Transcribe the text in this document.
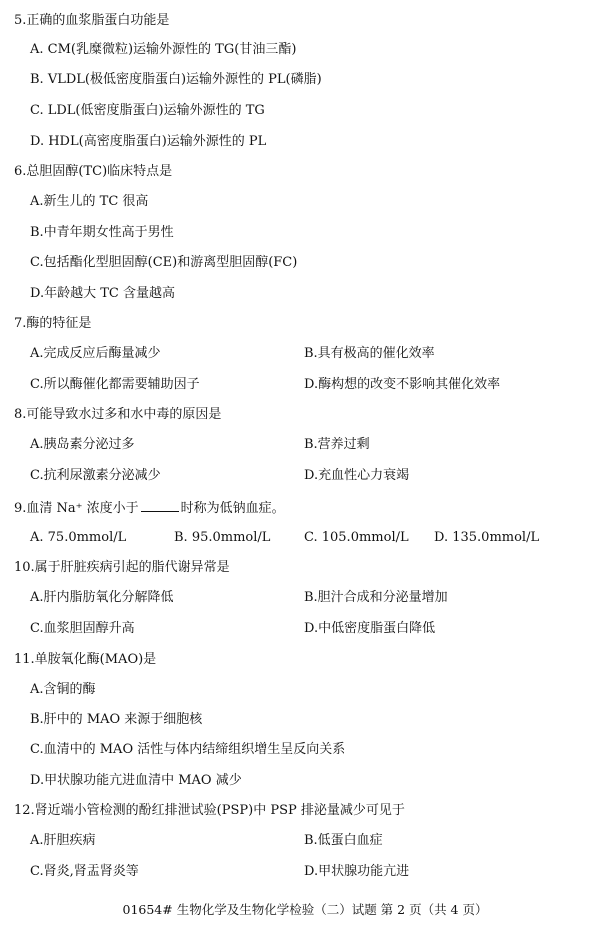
5.正确的血浆脂蛋白功能是
A. CM(乳糜微粒)运输外源性的 TG(甘油三酯)
B. VLDL(极低密度脂蛋白)运输外源性的 PL(磷脂)
C. LDL(低密度脂蛋白)运输外源性的 TG
D. HDL(高密度脂蛋白)运输外源性的 PL
6.总胆固醇(TC)临床特点是
A.新生儿的 TC 很高
B.中青年期女性高于男性
C.包括酯化型胆固醇(CE)和游离型胆固醇(FC)
D.年龄越大 TC 含量越高
7.酶的特征是
A.完成反应后酶量减少	B.具有极高的催化效率
C.所以酶催化都需要辅助因子	D.酶构想的改变不影响其催化效率
8.可能导致水过多和水中毒的原因是
A.胰岛素分泌过多	B.营养过剩
C.抗利尿激素分泌减少	D.充血性心力衰竭
9.血清 Na⁺ 浓度小于	时称为低钠血症。
A. 75.0mmol/L	B. 95.0mmol/L	C. 105.0mmol/L D. 135.0mmol/L
10.属于肝脏疾病引起的脂代谢异常是
A.肝内脂肪氧化分解降低	B.胆汁合成和分泌量增加
C.血浆胆固醇升高	D.中低密度脂蛋白降低
11.单胺氧化酶(MAO)是
A.含铜的酶
B.肝中的 MAO 来源于细胞核
C.血清中的 MAO 活性与体内结缔组织增生呈反向关系
D.甲状腺功能亢进血清中 MAO 减少
12.肾近端小管检测的酚红排泄试验(PSP)中 PSP 排泌量减少可见于
A.肝胆疾病	B.低蛋白血症
C.肾炎,肾盂肾炎等	D.甲状腺功能亢进
01654# 生物化学及生物化学检验（二）试题 第 2 页（共 4 页）
